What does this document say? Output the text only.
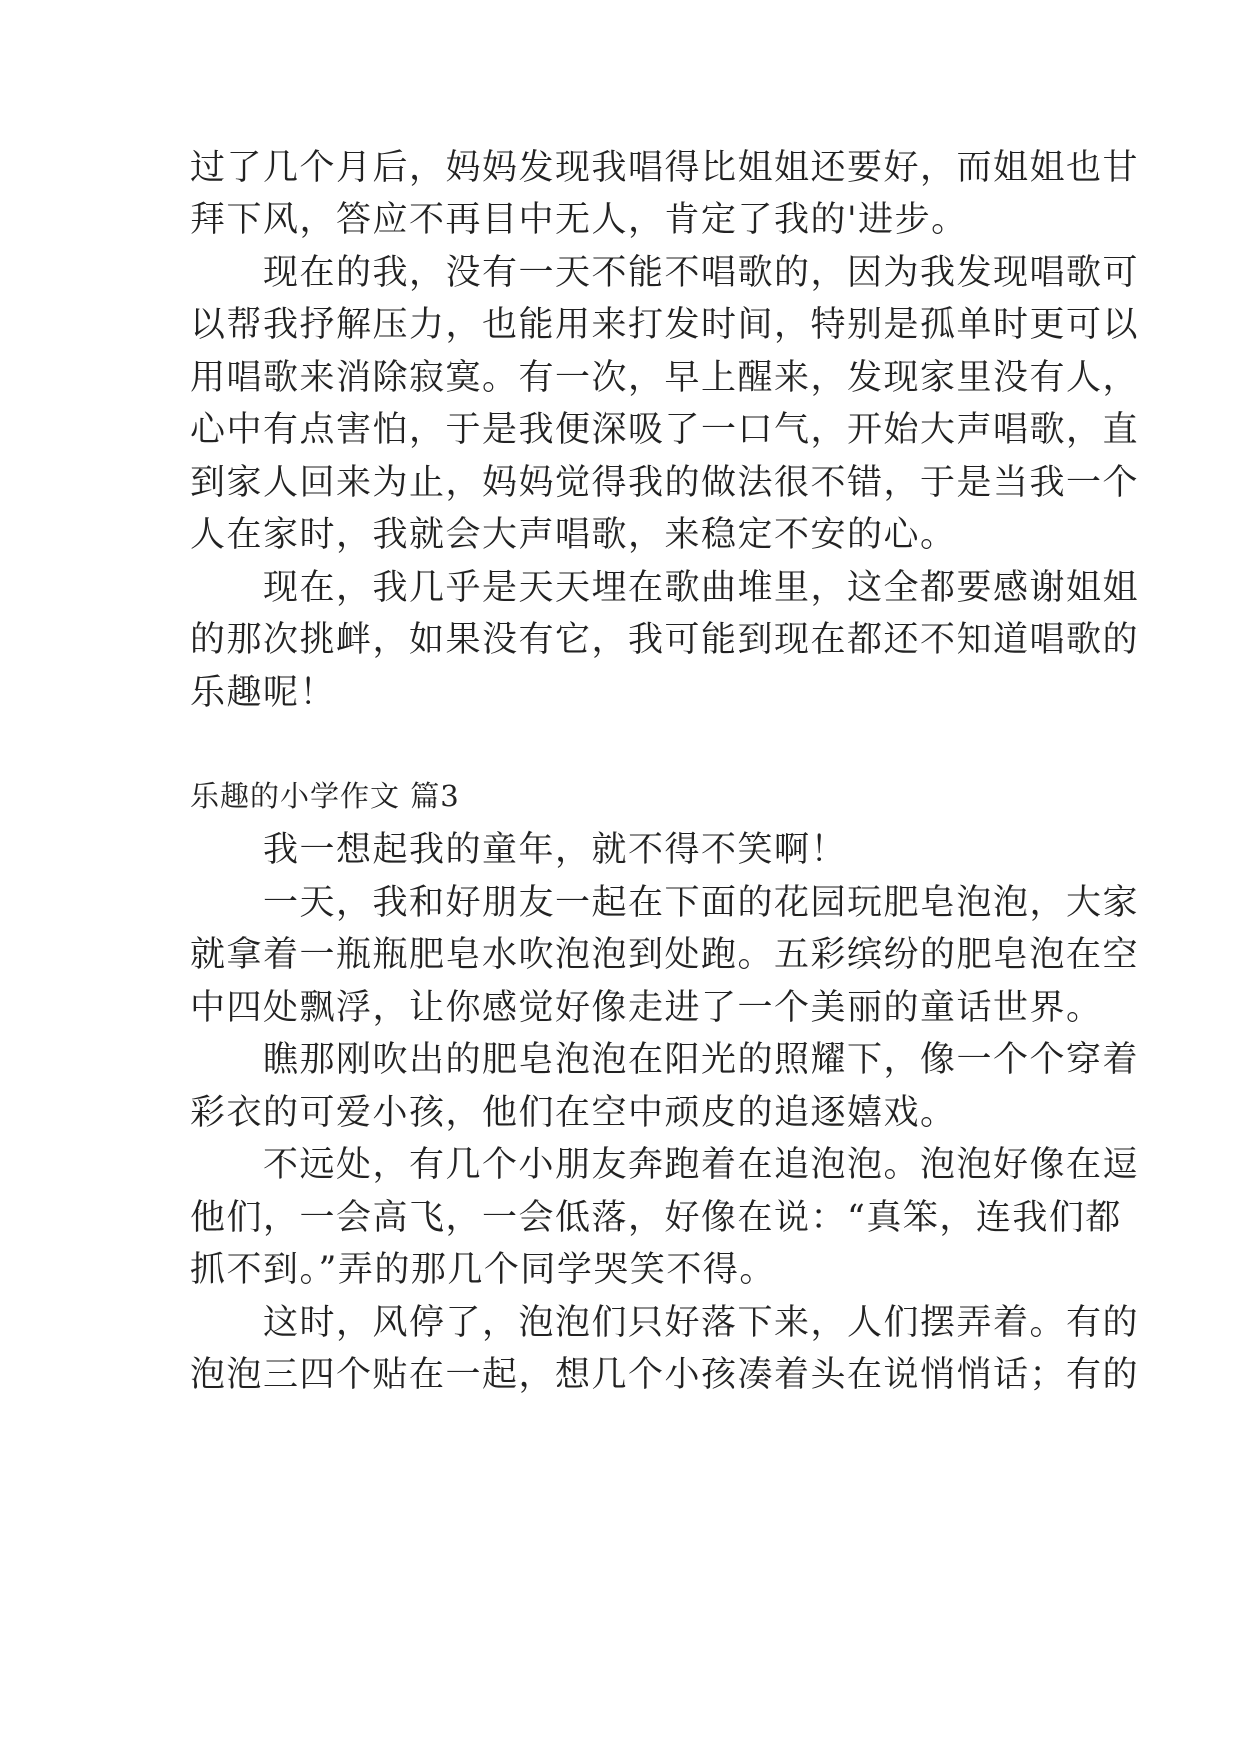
过了几个月后，妈妈发现我唱得比姐姐还要好，而姐姐也甘
拜下风，答应不再目中无人，肯定了我的'进步。
　　现在的我，没有一天不能不唱歌的，因为我发现唱歌可
以帮我抒解压力，也能用来打发时间，特别是孤单时更可以
用唱歌来消除寂寞。有一次，早上醒来，发现家里没有人，
心中有点害怕，于是我便深吸了一口气，开始大声唱歌，直
到家人回来为止，妈妈觉得我的做法很不错，于是当我一个
人在家时，我就会大声唱歌，来稳定不安的心。
　　现在，我几乎是天天埋在歌曲堆里，这全都要感谢姐姐
的那次挑衅，如果没有它，我可能到现在都还不知道唱歌的
乐趣呢！
乐趣的小学作文 篇3
　　我一想起我的童年，就不得不笑啊！
　　一天，我和好朋友一起在下面的花园玩肥皂泡泡，大家
就拿着一瓶瓶肥皂水吹泡泡到处跑。五彩缤纷的肥皂泡在空
中四处飘浮，让你感觉好像走进了一个美丽的童话世界。
　　瞧那刚吹出的肥皂泡泡在阳光的照耀下，像一个个穿着
彩衣的可爱小孩，他们在空中顽皮的追逐嬉戏。
　　不远处，有几个小朋友奔跑着在追泡泡。泡泡好像在逗
他们，一会高飞，一会低落，好像在说：“真笨，连我们都
抓不到。”弄的那几个同学哭笑不得。
　　这时，风停了，泡泡们只好落下来，人们摆弄着。有的
泡泡三四个贴在一起，想几个小孩凑着头在说悄悄话；有的
